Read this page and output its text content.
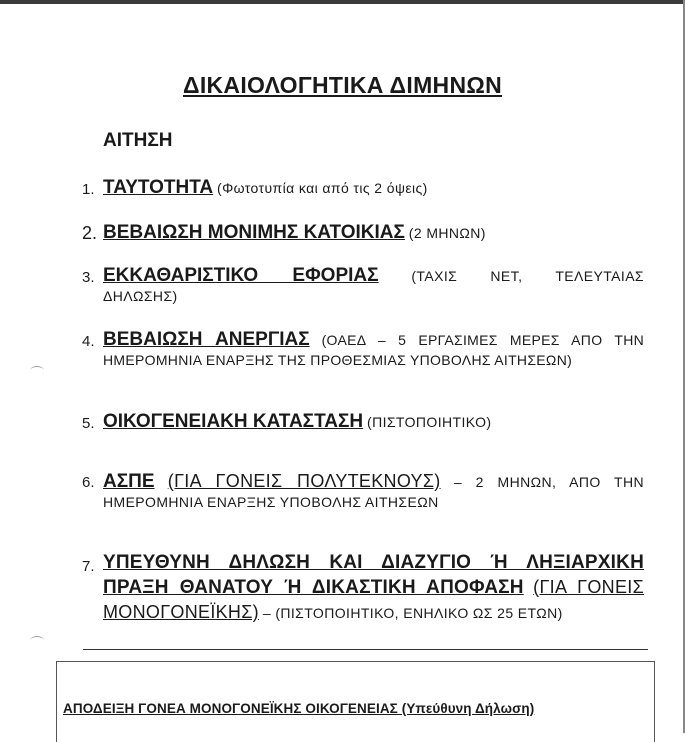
ΔΙΚΑΙΟΛΟΓΗΤΙΚΑ ΔΙΜΗΝΩΝ
ΑΙΤΗΣΗ
1. ΤΑΥΤΟΤΗΤΑ (Φωτοτυπία και από τις 2 όψεις)
2. ΒΕΒΑΙΩΣΗ ΜΟΝΙΜΗΣ ΚΑΤΟΙΚΙΑΣ (2 ΜΗΝΩΝ)
3. ΕΚΚΑΘΑΡΙΣΤΙΚΟ ΕΦΟΡΙΑΣ (ΤΑΧΙΣ ΝΕΤ, ΤΕΛΕΥΤΑΙΑΣ ΔΗΛΩΣΗΣ)
4. ΒΕΒΑΙΩΣΗ ΑΝΕΡΓΙΑΣ (ΟΑΕΔ – 5 ΕΡΓΑΣΙΜΕΣ ΜΕΡΕΣ ΑΠΟ ΤΗΝ ΗΜΕΡΟΜΗΝΙΑ ΕΝΑΡΞΗΣ ΤΗΣ ΠΡΟΘΕΣΜΙΑΣ ΥΠΟΒΟΛΗΣ ΑΙΤΗΣΕΩΝ)
5. ΟΙΚΟΓΕΝΕΙΑΚΗ ΚΑΤΑΣΤΑΣΗ (ΠΙΣΤΟΠΟΙΗΤΙΚΟ)
6. ΑΣΠΕ (ΓΙΑ ΓΟΝΕΙΣ ΠΟΛΥΤΕΚΝΟΥΣ) – 2 ΜΗΝΩΝ, ΑΠΟ ΤΗΝ ΗΜΕΡΟΜΗΝΙΑ ΕΝΑΡΞΗΣ ΥΠΟΒΟΛΗΣ ΑΙΤΗΣΕΩΝ
7. ΥΠΕΥΘΥΝΗ ΔΗΛΩΣΗ ΚΑΙ ΔΙΑΖΥΓΙΟ Ή ΛΗΞΙΑΡΧΙΚΗ ΠΡΑΞΗ ΘΑΝΑΤΟΥ Ή ΔΙΚΑΣΤΙΚΗ ΑΠΟΦΑΣΗ (ΓΙΑ ΓΟΝΕΙΣ ΜΟΝΟΓΟΝΕΪΚΗΣ) – (ΠΙΣΤΟΠΟΙΗΤΙΚΟ, ΕΝΗΛΙΚΟ ΩΣ 25 ΕΤΩΝ)
ΑΠΟΔΕΙΞΗ ΓΟΝΕΑ ΜΟΝΟΓΟΝΕΪΚΗΣ ΟΙΚΟΓΕΝΕΙΑΣ (Υπεύθυνη Δήλωση)
